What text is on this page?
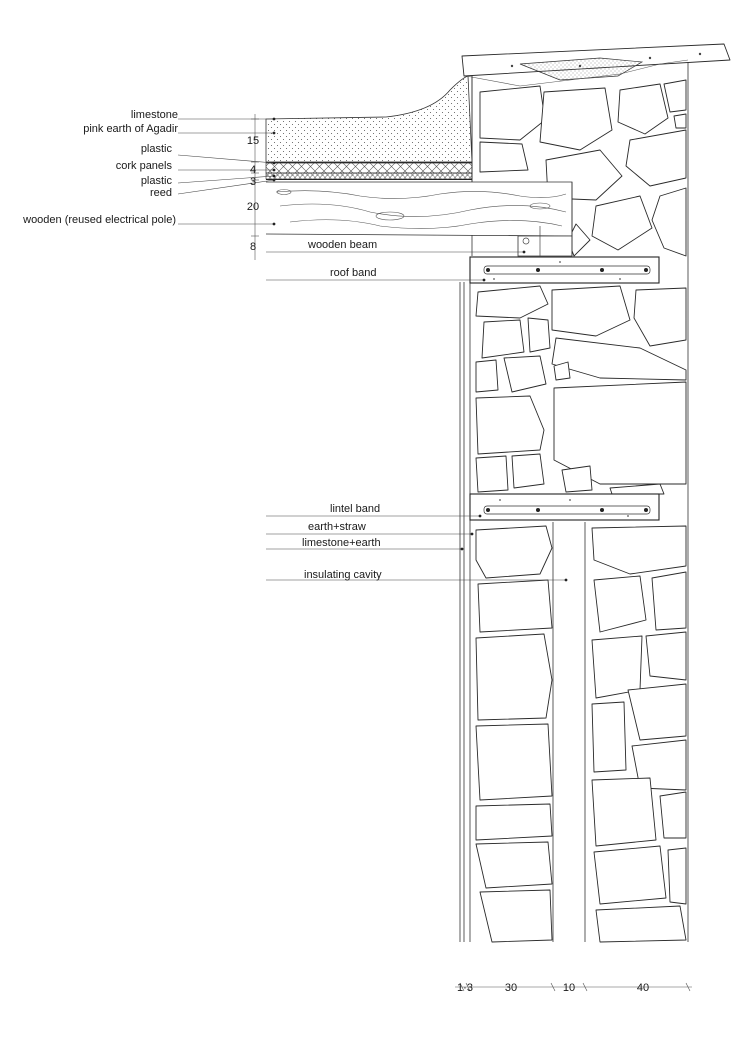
limestone
pink earth of Agadir
plastic
cork panels
plastic
reed
wooden (reused electrical pole)
wooden beam
roof band
lintel band
earth+straw
limestone+earth
insulating cavity
15
4
3
20
8
1·3	30	10	40
